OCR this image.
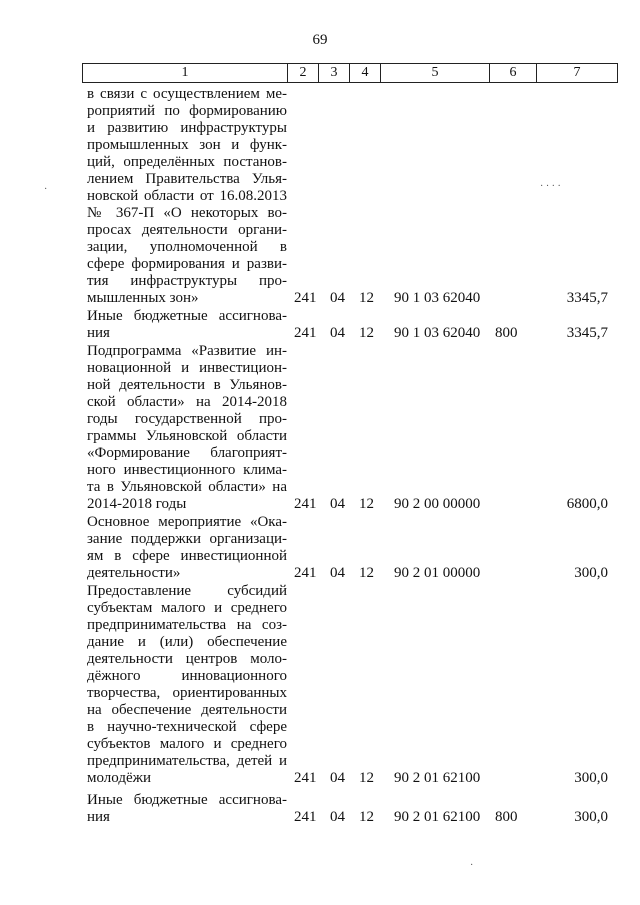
69
1	2	3	4	5	6	7
в связи с осуществлением ме-
роприятий по формированию
и развитию инфраструктуры
промышленных зон и функ-
ций, определённых постанов-
лением Правительства Улья-
новской области от 16.08.2013
№ 367-П «О некоторых во-
просах деятельности органи-
зации, уполномоченной в
сфере формирования и разви-
тия инфраструктуры про-
мышленных зон»	241 04 12 90 1 03 62040	3345,7
Иные бюджетные ассигнова-
ния	241 04 12 90 1 03 62040 800	3345,7
Подпрограмма «Развитие ин-
новационной и инвестицион-
ной деятельности в Ульянов-
ской области» на 2014-2018
годы государственной про-
граммы Ульяновской области
«Формирование благоприят-
ного инвестиционного клима-
та в Ульяновской области» на
2014-2018 годы	241 04 12 90 2 00 00000	6800,0
Основное мероприятие «Ока-
зание поддержки организаци-
ям в сфере инвестиционной
деятельности»	241 04 12 90 2 01 00000	300,0
Предоставление субсидий
субъектам малого и среднего
предпринимательства на соз-
дание и (или) обеспечение
деятельности центров моло-
дёжного инновационного
творчества, ориентированных
на обеспечение деятельности
в научно-технической сфере
субъектов малого и среднего
предпринимательства, детей и
молодёжи	241 04 12 90 2 01 62100	300,0
Иные бюджетные ассигнова-
ния	241 04 12 90 2 01 62100 800	300,0
·	· · · ·
·
